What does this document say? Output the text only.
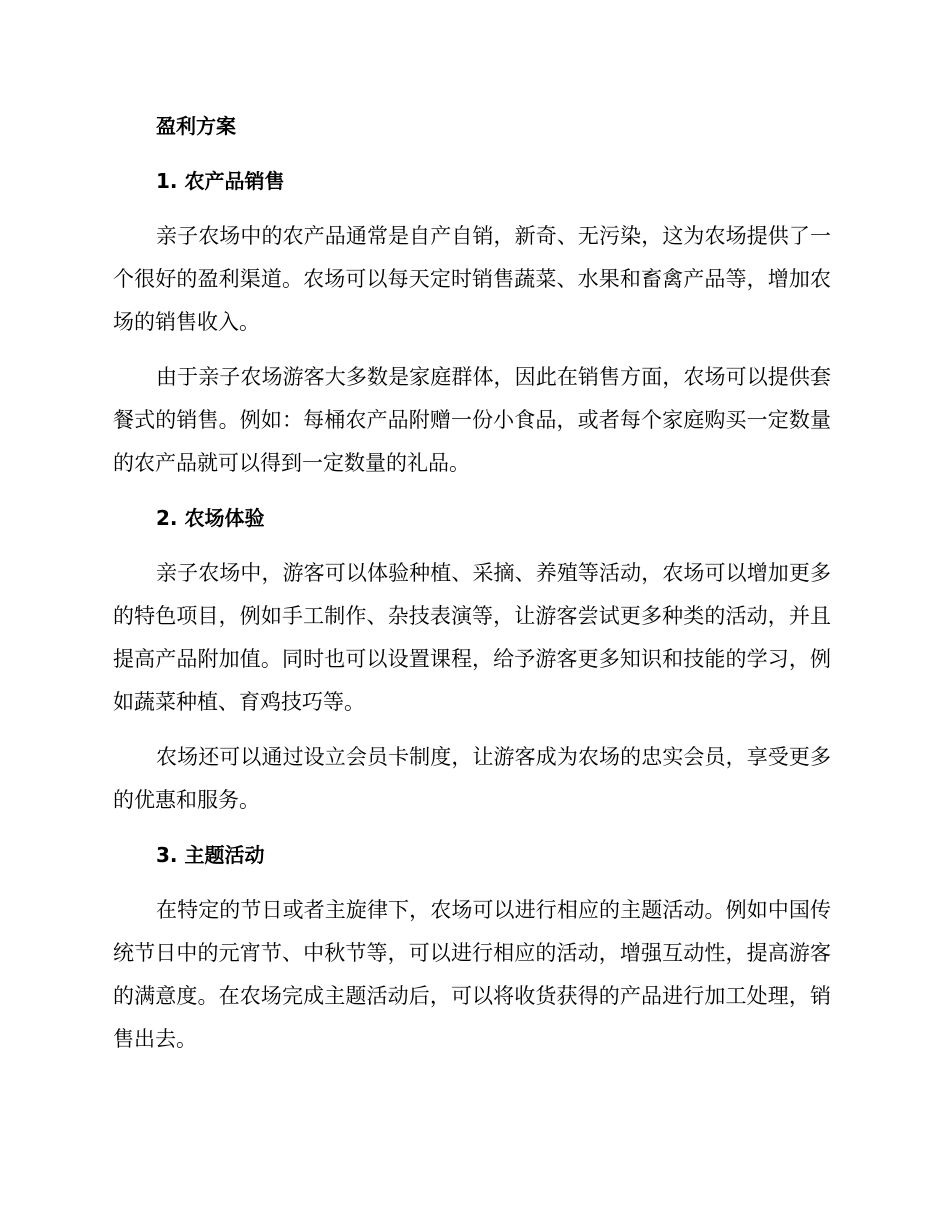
盈利方案
1. 农产品销售

亲子农场中的农产品通常是自产自销，新奇、无污染，这为农场提供了一个很好的盈利渠道。农场可以每天定时销售蔬菜、水果和畜禽产品等，增加农场的销售收入。

由于亲子农场游客大多数是家庭群体，因此在销售方面，农场可以提供套餐式的销售。例如：每桶农产品附赠一份小食品，或者每个家庭购买一定数量的农产品就可以得到一定数量的礼品。

2. 农场体验

亲子农场中，游客可以体验种植、采摘、养殖等活动，农场可以增加更多的特色项目，例如手工制作、杂技表演等，让游客尝试更多种类的活动，并且提高产品附加值。同时也可以设置课程，给予游客更多知识和技能的学习，例如蔬菜种植、育鸡技巧等。

农场还可以通过设立会员卡制度，让游客成为农场的忠实会员，享受更多的优惠和服务。

3. 主题活动

在特定的节日或者主旋律下，农场可以进行相应的主题活动。例如中国传统节日中的元宵节、中秋节等，可以进行相应的活动，增强互动性，提高游客的满意度。在农场完成主题活动后，可以将收货获得的产品进行加工处理，销售出去。
